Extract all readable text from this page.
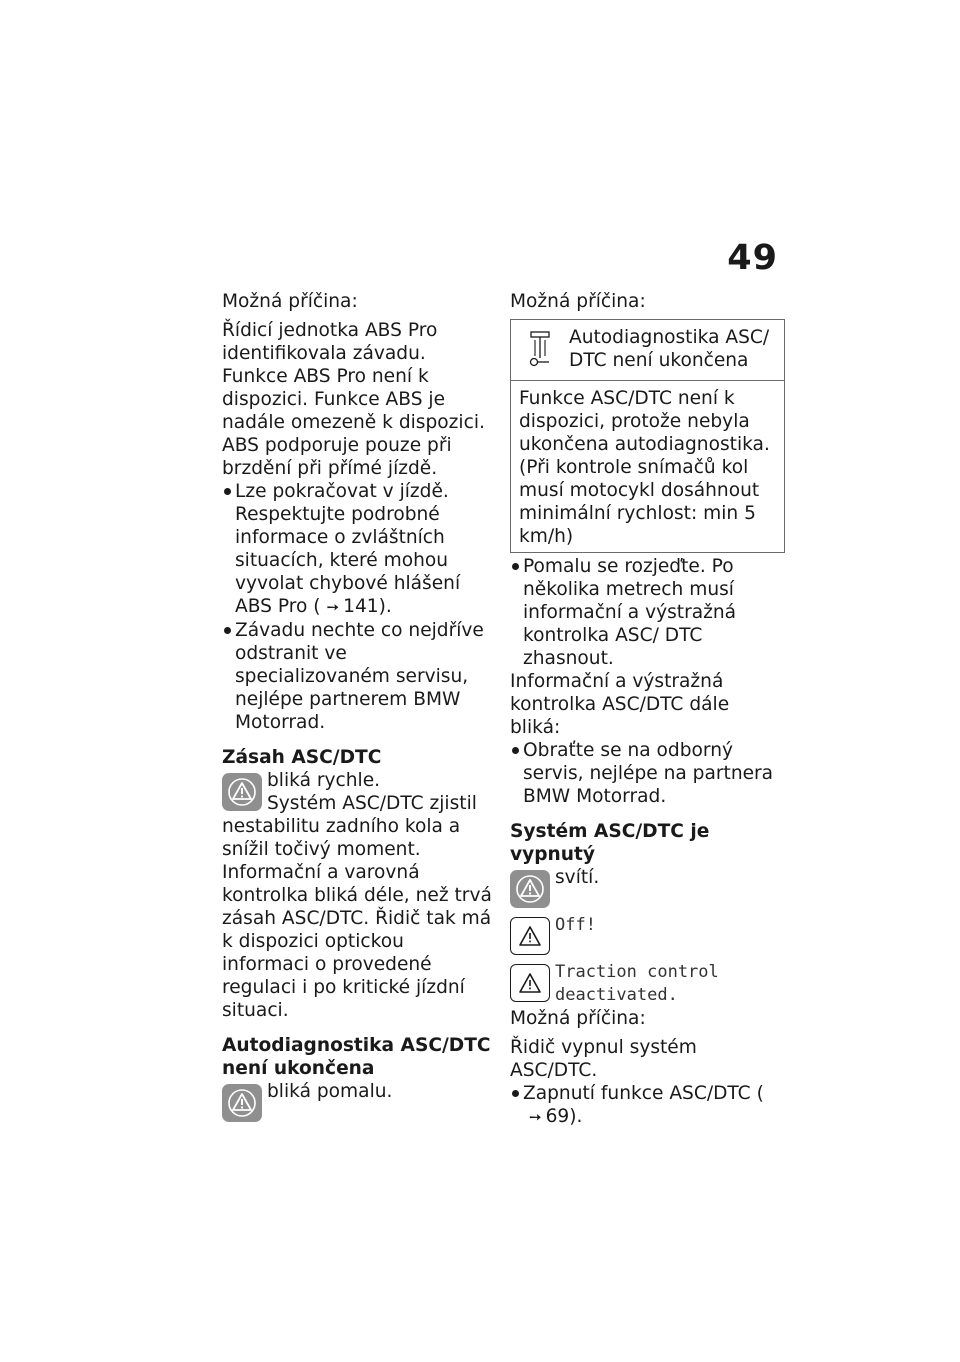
49

Možná příčina:

Řídicí jednotka ABS Pro identifikovala závadu. Funkce ABS Pro není k dispozici. Funkce ABS je nadále omezeně k dispozici. ABS podporuje pouze při brzdění při přímé jízdě.

Lze pokračovat v jízdě. Respektujte podrobné informace o zvláštních situacích, které mohou vyvolat chybové hlášení ABS Pro ( ➙ 141).

Závadu nechte co nejdříve odstranit ve specializovaném servisu, nejlépe partnerem BMW Motorrad.

Zásah ASC/DTC

bliká rychle.

Systém ASC/DTC zjistil

nestabilitu zadního kola a snížil točivý moment. Informační a varovná kontrolka bliká déle, než trvá zásah ASC/DTC. Řidič tak má k dispozici optickou informaci o provedené regulaci i po kritické jízdní situaci.

Autodiagnostika ASC/DTC není ukončena

bliká pomalu.

Možná příčina:

Autodiagnostika ASC/ DTC není ukončena

Funkce ASC/DTC není k dispozici, protože nebyla ukončena autodiagnostika. (Při kontrole snímačů kol musí motocykl dosáhnout minimální rychlost: min 5 km/h)

Pomalu se rozjeďte. Po několika metrech musí informační a výstražná kontrolka ASC/ DTC zhasnout.

Informační a výstražná kontrolka ASC/DTC dále bliká:

Obraťte se na odborný servis, nejlépe na partnera BMW Motorrad.

Systém ASC/DTC je vypnutý

svítí.

Off!

Traction control deactivated.

Možná příčina:

Řidič vypnul systém ASC/DTC.

Zapnutí funkce ASC/DTC (➙ 69).
